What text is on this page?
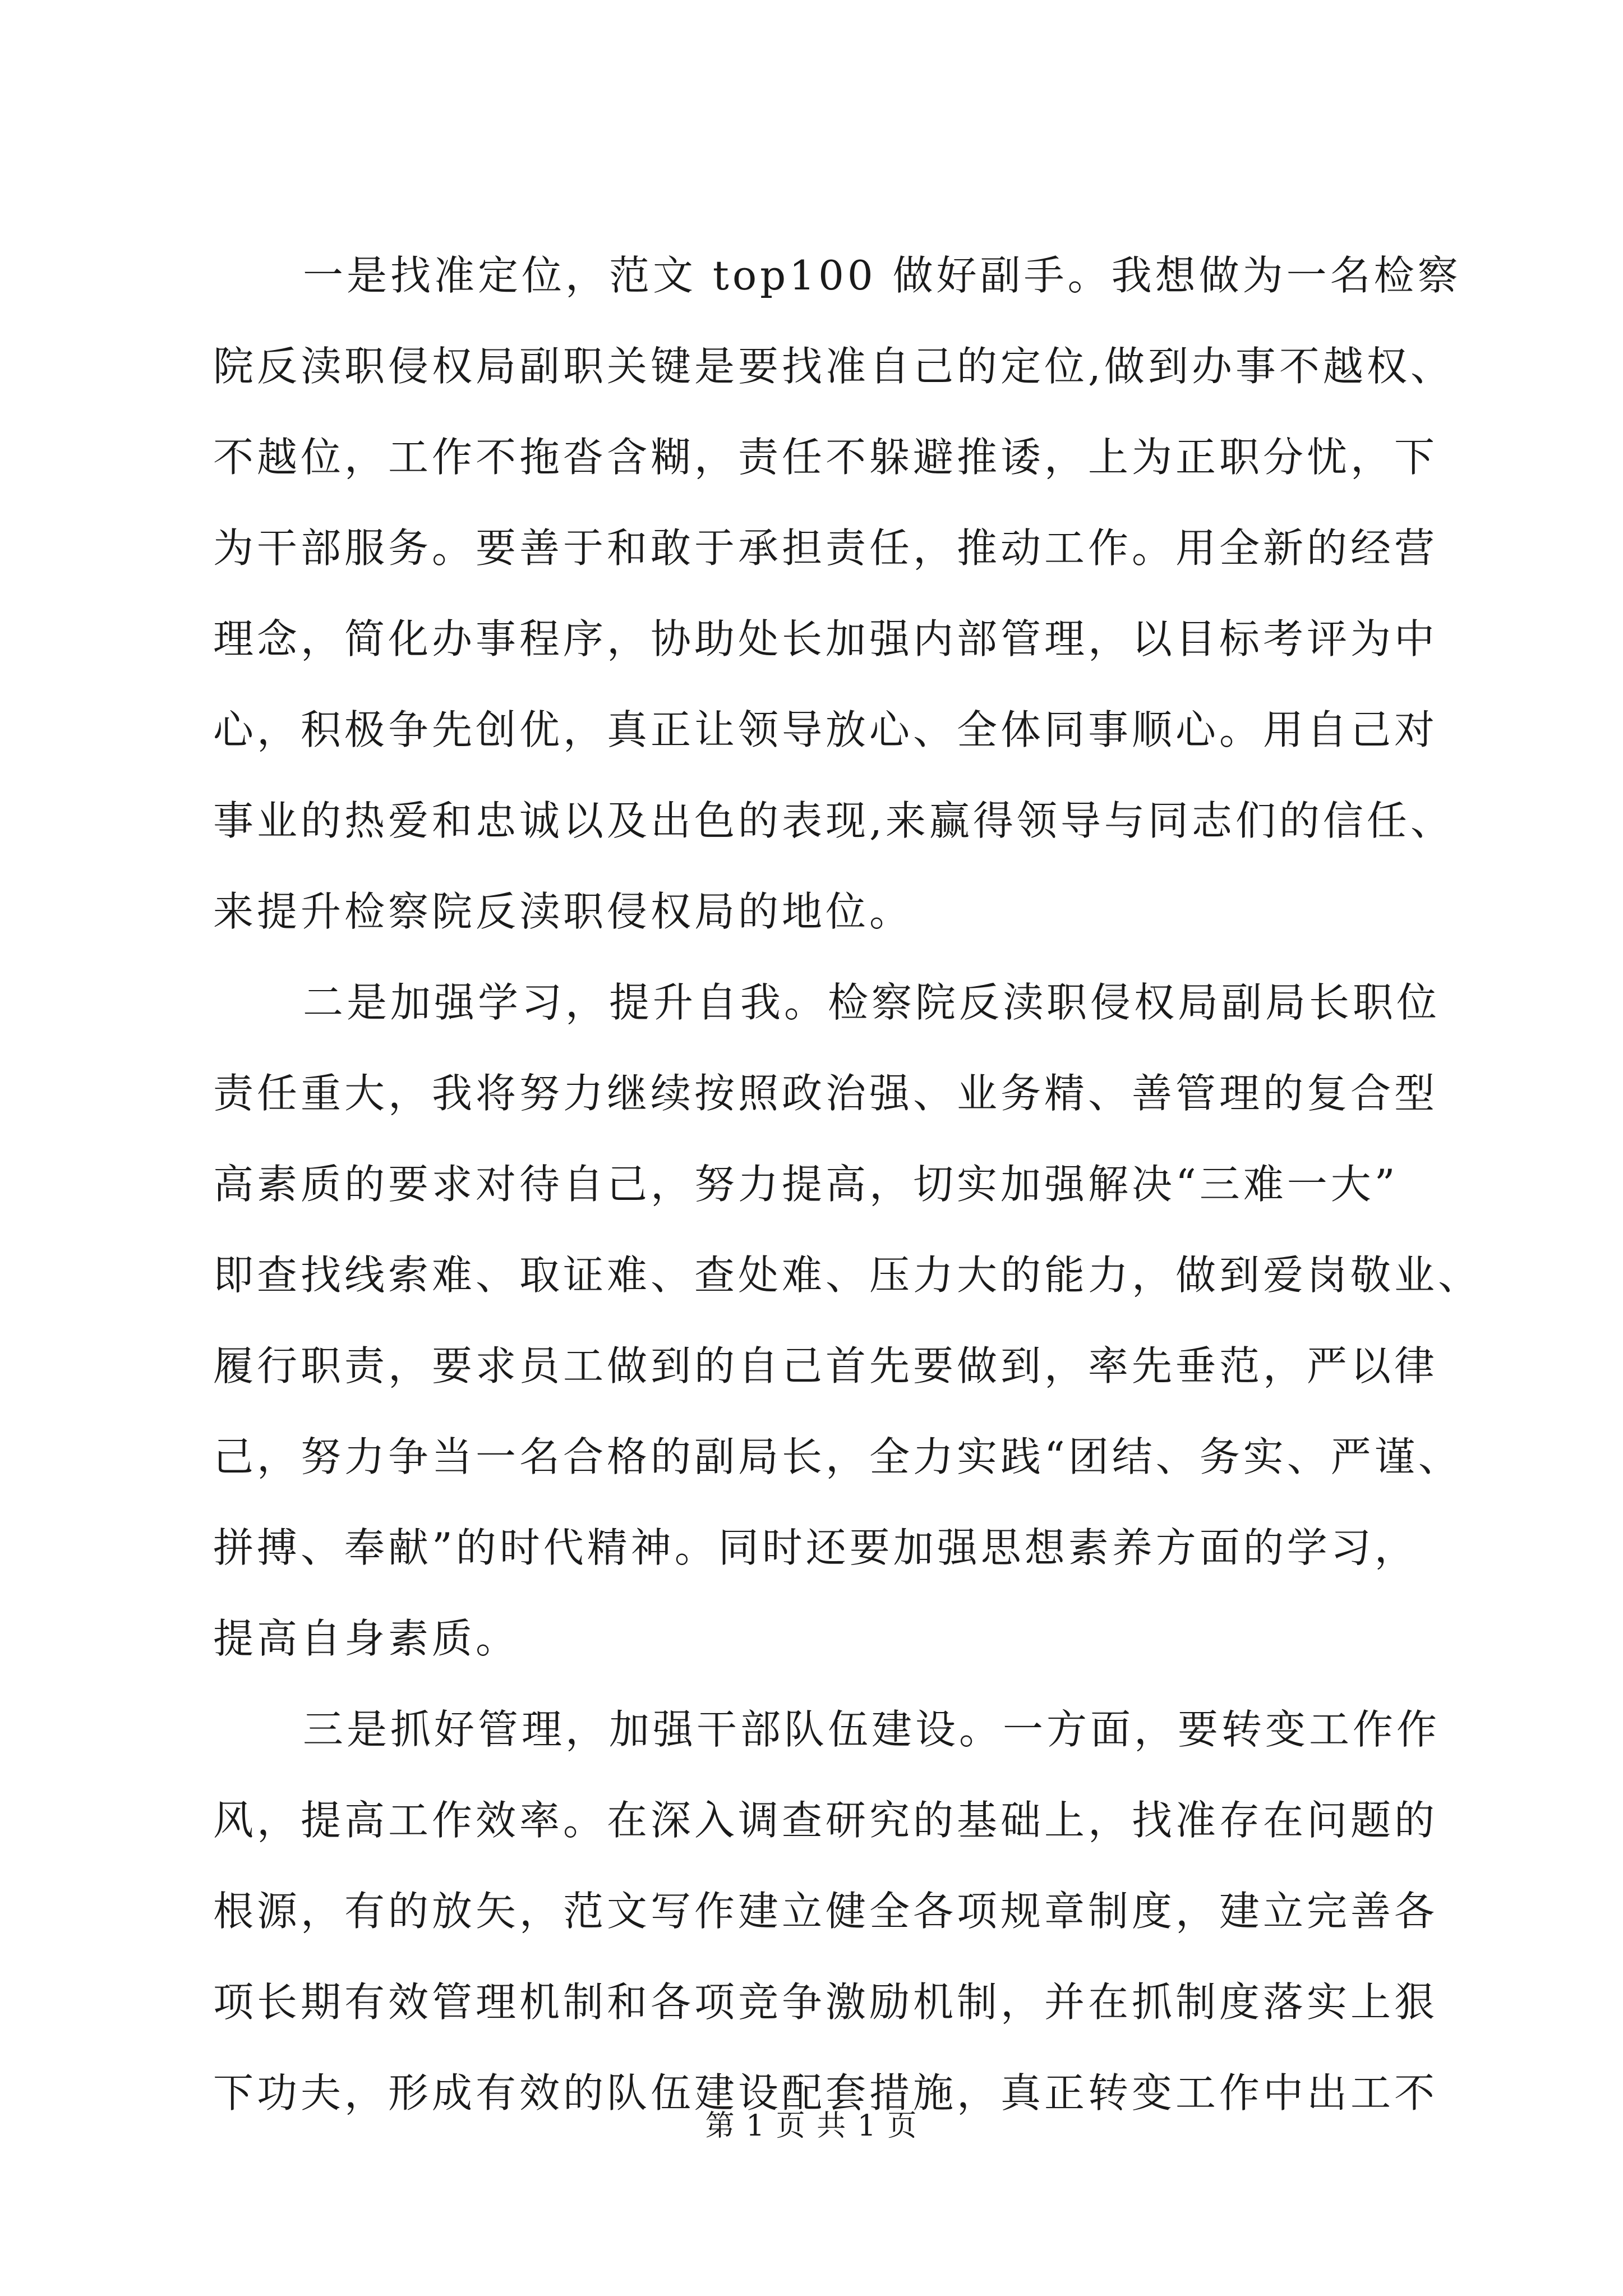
一是找准定位，范文 top100 做好副手。我想做为一名检察
院反渎职侵权局副职关键是要找准自己的定位,做到办事不越权、
不越位，工作不拖沓含糊，责任不躲避推诿，上为正职分忧，下
为干部服务。要善于和敢于承担责任，推动工作。用全新的经营
理念，简化办事程序，协助处长加强内部管理，以目标考评为中
心，积极争先创优，真正让领导放心、全体同事顺心。用自己对
事业的热爱和忠诚以及出色的表现,来赢得领导与同志们的信任、
来提升检察院反渎职侵权局的地位。
二是加强学习，提升自我。检察院反渎职侵权局副局长职位
责任重大，我将努力继续按照政治强、业务精、善管理的复合型
高素质的要求对待自己，努力提高，切实加强解决“三难一大”
即查找线索难、取证难、查处难、压力大的能力，做到爱岗敬业、
履行职责，要求员工做到的自己首先要做到，率先垂范，严以律
己，努力争当一名合格的副局长，全力实践“团结、务实、严谨、
拼搏、奉献”的时代精神。同时还要加强思想素养方面的学习，
提高自身素质。
三是抓好管理，加强干部队伍建设。一方面，要转变工作作
风，提高工作效率。在深入调查研究的基础上，找准存在问题的
根源，有的放矢，范文写作建立健全各项规章制度，建立完善各
项长期有效管理机制和各项竞争激励机制，并在抓制度落实上狠
下功夫，形成有效的队伍建设配套措施，真正转变工作中出工不
第 1 页 共 1 页
